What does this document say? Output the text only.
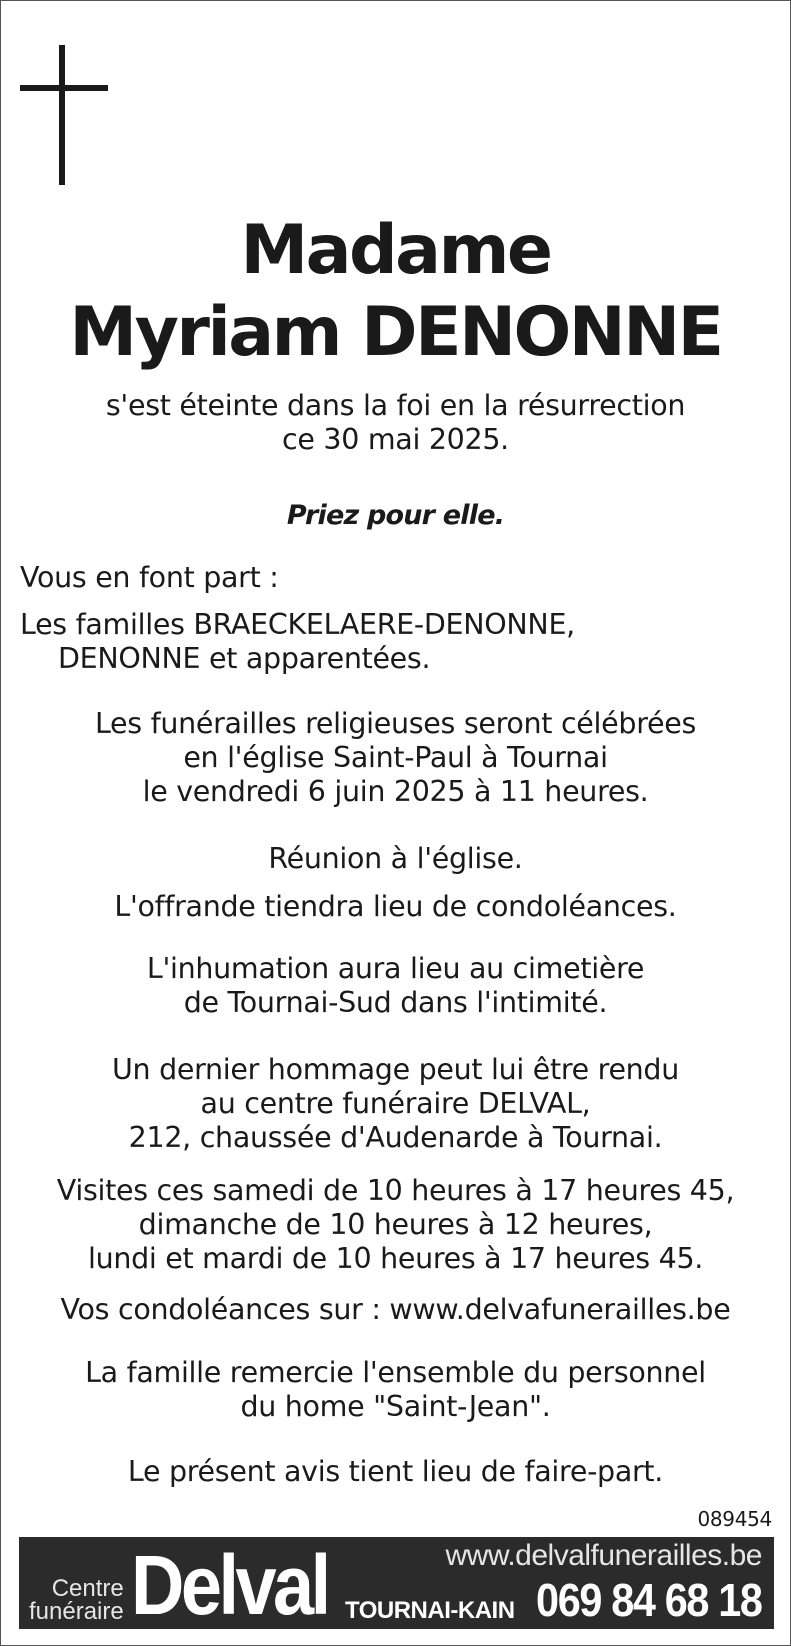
Madame
Myriam DENONNE
s'est éteinte dans la foi en la résurrection
ce 30 mai 2025.
Priez pour elle.
Vous en font part :
Les familles BRAECKELAERE-DENONNE,
DENONNE et apparentées.
Les funérailles religieuses seront célébrées
en l'église Saint-Paul à Tournai
le vendredi 6 juin 2025 à 11 heures.
Réunion à l'église.
L'offrande tiendra lieu de condoléances.
L'inhumation aura lieu au cimetière
de Tournai-Sud dans l'intimité.
Un dernier hommage peut lui être rendu
au centre funéraire DELVAL,
212, chaussée d'Audenarde à Tournai.
Visites ces samedi de 10 heures à 17 heures 45,
dimanche de 10 heures à 12 heures,
lundi et mardi de 10 heures à 17 heures 45.
Vos condoléances sur : www.delvafunerailles.be
La famille remercie l'ensemble du personnel
du home "Saint-Jean".
Le présent avis tient lieu de faire-part.
089454
Centre
funéraire Delval	www.delvalfunerailles.be
TOURNAI-KAIN 069 84 68 18
